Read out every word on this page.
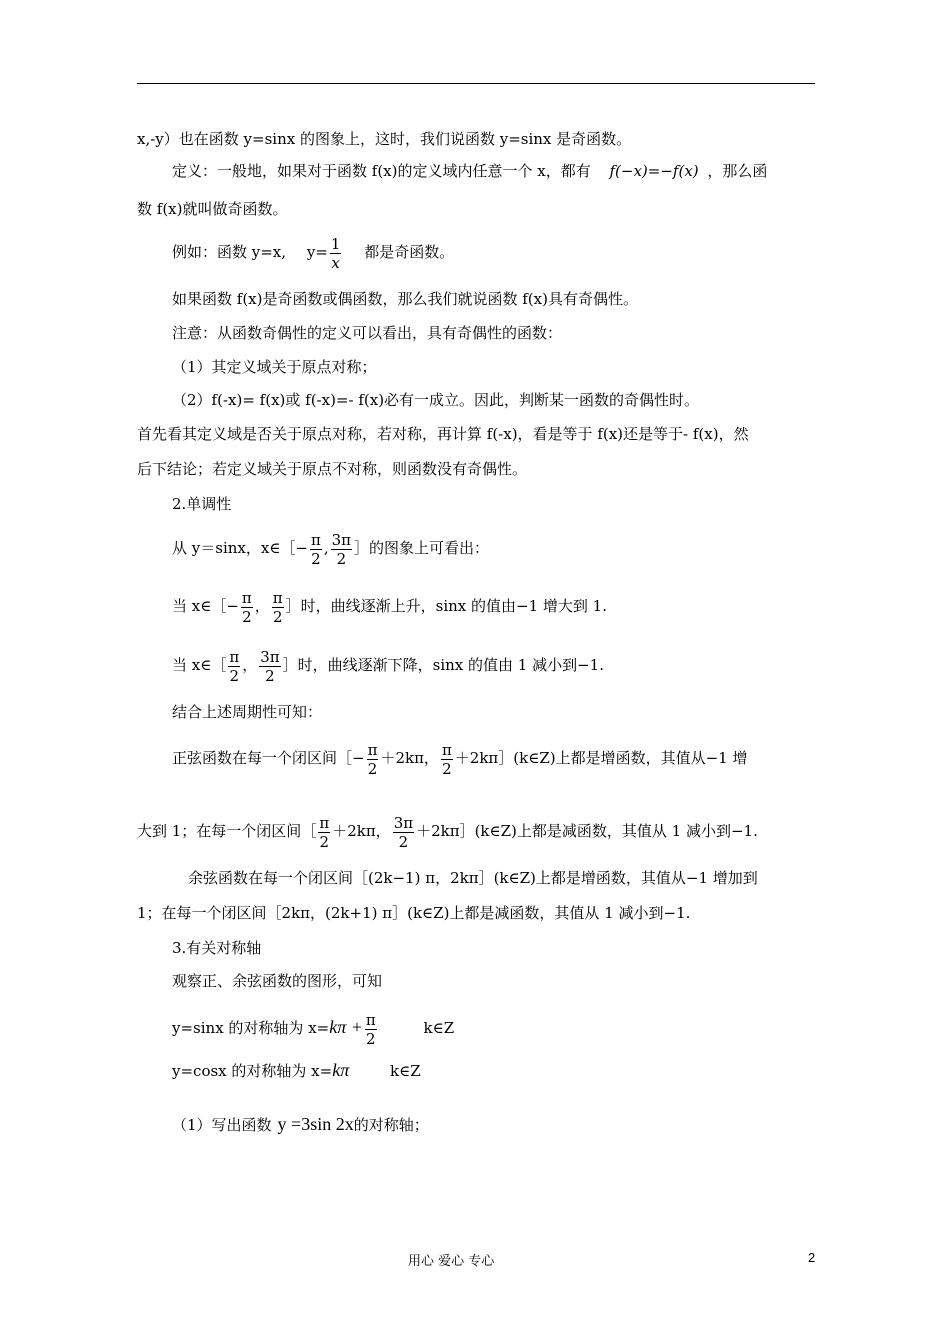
x,-y）也在函数 y=sinx 的图象上，这时，我们说函数 y=sinx 是奇函数。
定义：一般地，如果对于函数 f(x)的定义域内任意一个 x，都有 f(−x)=−f(x) ，那么函
数 f(x)就叫做奇函数。
例如：函数 y=x, $y= \frac{1}{x}$ 都是奇函数。
如果函数 f(x)是奇函数或偶函数，那么我们就说函数 f(x)具有奇偶性。
注意：从函数奇偶性的定义可以看出，具有奇偶性的函数：
（1）其定义域关于原点对称；
（2）f(-x)= f(x)或 f(-x)=- f(x)必有一成立。因此，判断某一函数的奇偶性时。
首先看其定义域是否关于原点对称，若对称，再计算 f(-x)，看是等于 f(x)还是等于- f(x)，然
后下结论；若定义域关于原点不对称，则函数没有奇偶性。
2.单调性
从 y＝sinx，x∈［− $\frac{\pi}{2}$ , $\frac{3\pi}{2}$ ］的图象上可看出：
当 x∈［− $\frac{\pi}{2}$ ， $\frac{\pi}{2}$ ］时，曲线逐渐上升，sinx 的值由−1 增大到 1.
当 x∈［ $\frac{\pi}{2}$ ， $\frac{3\pi}{2}$ ］时，曲线逐渐下降，sinx 的值由 1 减小到−1.
结合上述周期性可知：
正弦函数在每一个闭区间［− $\frac{\pi}{2} +2k\pi$， $\frac{\pi}{2}$ ＋2kπ］(k∈Z)上都是增函数，其值从−1 增
大到 1；在每一个闭区间［ $\frac{\pi}{2} +2k\pi$， $\frac{3\pi}{2}$ ＋2kπ］(k∈Z)上都是减函数，其值从 1 减小到−1.
余弦函数在每一个闭区间［(2k−1) π，2kπ］(k∈Z)上都是增函数，其值从−1 增加到
1；在每一个闭区间［2kπ，(2k+1) π］(k∈Z)上都是减函数，其值从 1 减小到−1.
3.有关对称轴
观察正、余弦函数的图形，可知
y=sinx 的对称轴为 $x=k\pi + \frac{\pi}{2}$	k∈Z
y=cosx 的对称轴为 x=kπ	k∈Z
（1）写出函数 y =3sin 2x的对称轴；
用心 爱心 专心	2
